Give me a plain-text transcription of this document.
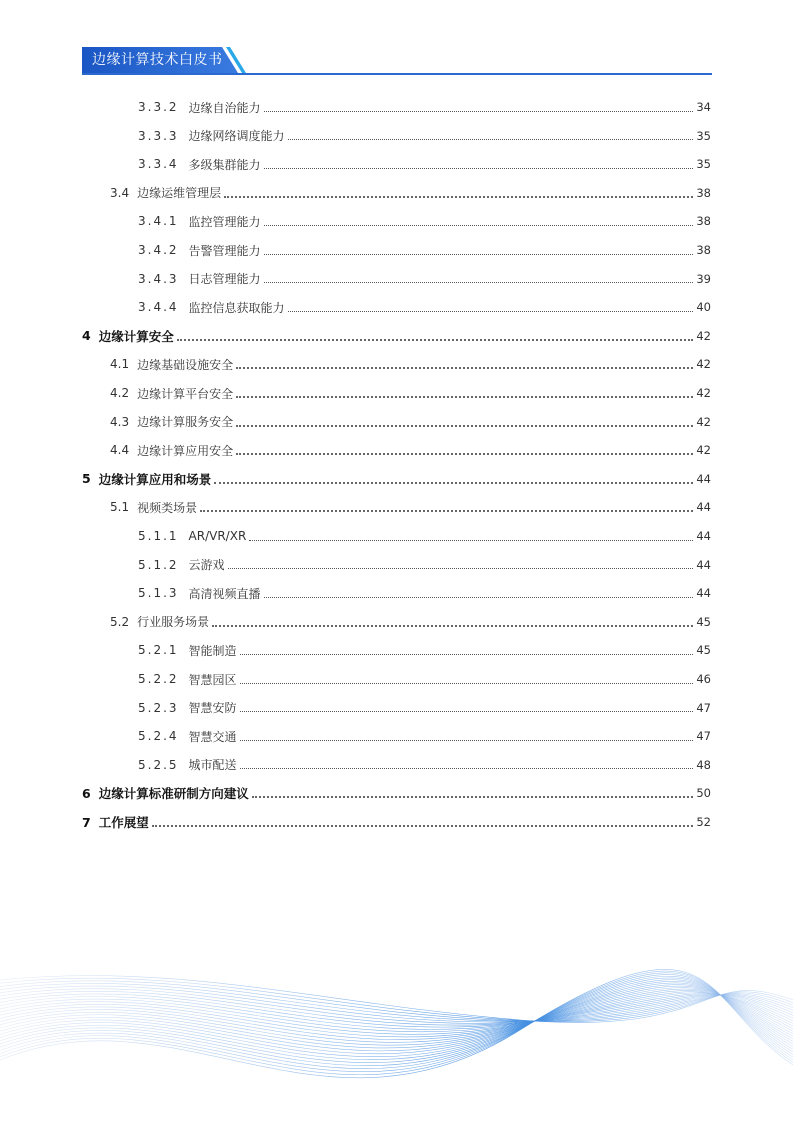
边缘计算技术白皮书
3.3.2 边缘自治能力	34
3.3.3 边缘网络调度能力	35
3.3.4 多级集群能力	35
3.4 边缘运维管理层	38
3.4.1 监控管理能力	38
3.4.2 告警管理能力	38
3.4.3 日志管理能力	39
3.4.4 监控信息获取能力	40
4 边缘计算安全	42
4.1 边缘基础设施安全	42
4.2 边缘计算平台安全	42
4.3 边缘计算服务安全	42
4.4 边缘计算应用安全	42
5 边缘计算应用和场景	44
5.1 视频类场景	44
5.1.1 AR/VR/XR	44
5.1.2 云游戏	44
5.1.3 高清视频直播	44
5.2 行业服务场景	45
5.2.1 智能制造	45
5.2.2 智慧园区	46
5.2.3 智慧安防	47
5.2.4 智慧交通	47
5.2.5 城市配送	48
6 边缘计算标准研制方向建议	50
7 工作展望	52
